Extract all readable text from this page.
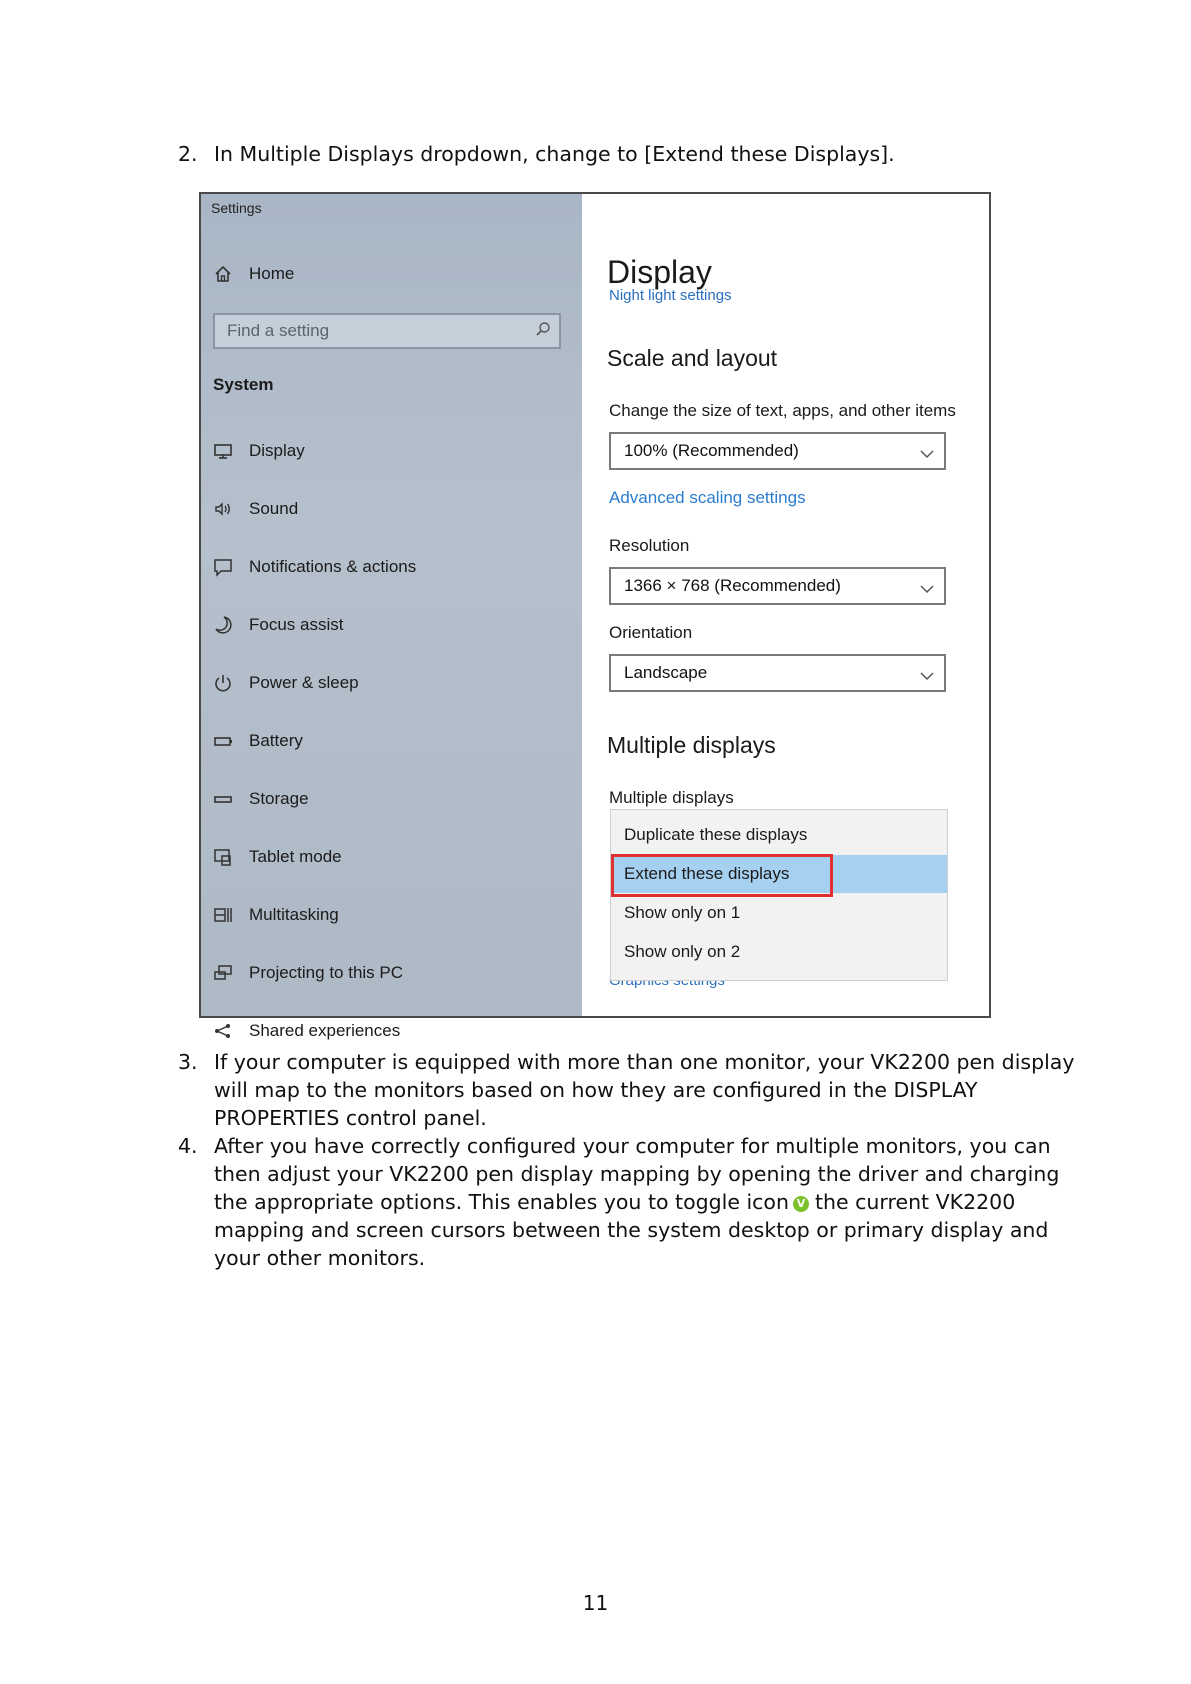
2. In Multiple Displays dropdown, change to [Extend these Displays].

Settings
Home
Find a setting
System
Display
Sound
Notifications & actions
Focus assist
Power & sleep
Battery
Storage
Tablet mode
Multitasking
Projecting to this PC
Shared experiences
Display
Night light settings
Scale and layout
Change the size of text, apps, and other items
100% (Recommended)
Advanced scaling settings
Resolution
1366 × 768 (Recommended)
Orientation
Landscape
Multiple displays
Multiple displays
Duplicate these displays
Extend these displays
Show only on 1
Show only on 2
3. If your computer is equipped with more than one monitor, your VK2200 pen display

will map to the monitors based on how they are configured in the DISPLAY

PROPERTIES control panel.

4. After you have correctly configured your computer for multiple monitors, you can

then adjust your VK2200 pen display mapping by opening the driver and charging

the appropriate options. This enables you to toggle icon V the current VK2200

mapping and screen cursors between the system desktop or primary display and

your other monitors.

11
